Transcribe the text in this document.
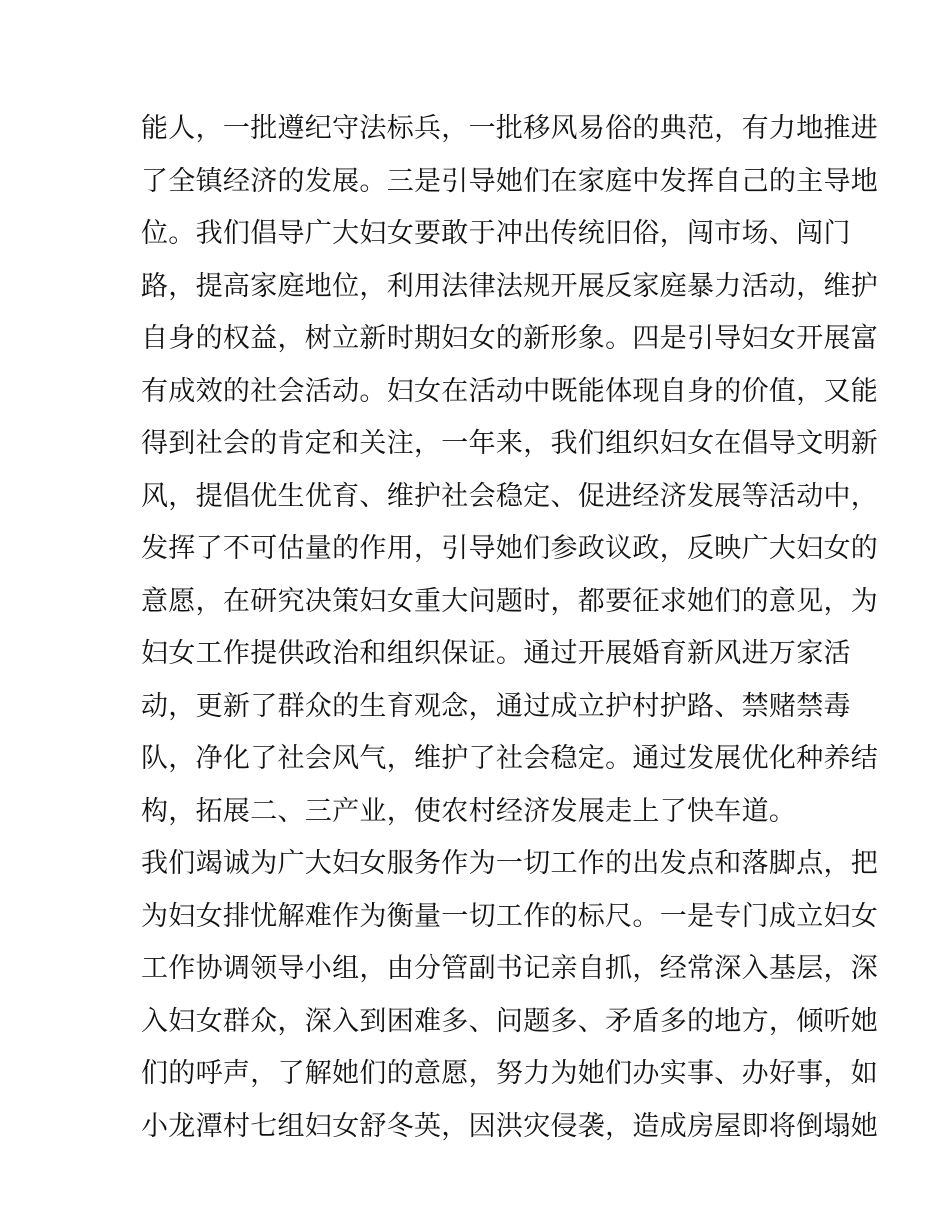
能人，一批遵纪守法标兵，一批移风易俗的典范，有力地推进
了全镇经济的发展。三是引导她们在家庭中发挥自己的主导地
位。我们倡导广大妇女要敢于冲出传统旧俗，闯市场、闯门
路，提高家庭地位，利用法律法规开展反家庭暴力活动，维护
自身的权益，树立新时期妇女的新形象。四是引导妇女开展富
有成效的社会活动。妇女在活动中既能体现自身的价值，又能
得到社会的肯定和关注，一年来，我们组织妇女在倡导文明新
风，提倡优生优育、维护社会稳定、促进经济发展等活动中，
发挥了不可估量的作用，引导她们参政议政，反映广大妇女的
意愿，在研究决策妇女重大问题时，都要征求她们的意见，为
妇女工作提供政治和组织保证。通过开展婚育新风进万家活
动，更新了群众的生育观念，通过成立护村护路、禁赌禁毒
队，净化了社会风气，维护了社会稳定。通过发展优化种养结
构，拓展二、三产业，使农村经济发展走上了快车道。
我们竭诚为广大妇女服务作为一切工作的出发点和落脚点，把
为妇女排忧解难作为衡量一切工作的标尺。一是专门成立妇女
工作协调领导小组，由分管副书记亲自抓，经常深入基层，深
入妇女群众，深入到困难多、问题多、矛盾多的地方，倾听她
们的呼声，了解她们的意愿，努力为她们办实事、办好事，如
小龙潭村七组妇女舒冬英，因洪灾侵袭，造成房屋即将倒塌她
